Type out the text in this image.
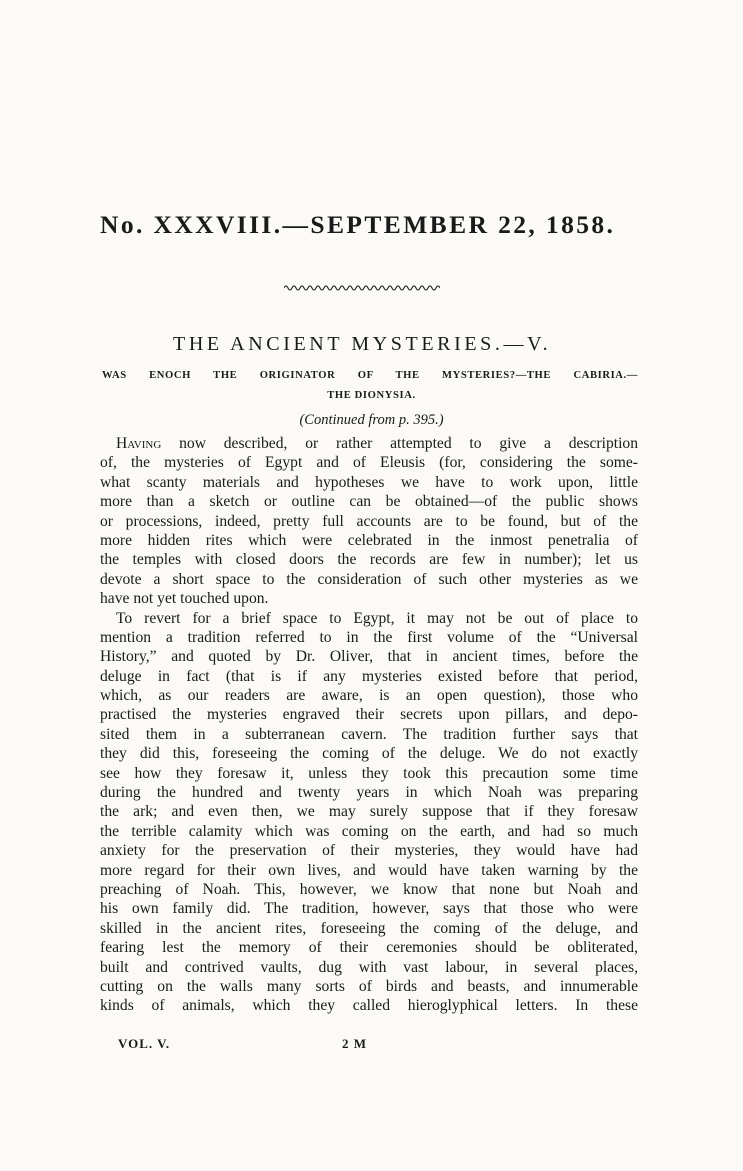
No. XXXVIII.—SEPTEMBER 22, 1858.
THE ANCIENT MYSTERIES.—V.
WAS ENOCH THE ORIGINATOR OF THE MYSTERIES?—THE CABIRIA.—
THE DIONYSIA.
(Continued from p. 395.)
Having now described, or rather attempted to give a description
of, the mysteries of Egypt and of Eleusis (for, considering the some-
what scanty materials and hypotheses we have to work upon, little
more than a sketch or outline can be obtained—of the public shows
or processions, indeed, pretty full accounts are to be found, but of the
more hidden rites which were celebrated in the inmost penetralia of
the temples with closed doors the records are few in number); let us
devote a short space to the consideration of such other mysteries as we
have not yet touched upon.
To revert for a brief space to Egypt, it may not be out of place to
mention a tradition referred to in the first volume of the “Universal
History,” and quoted by Dr. Oliver, that in ancient times, before the
deluge in fact (that is if any mysteries existed before that period,
which, as our readers are aware, is an open question), those who
practised the mysteries engraved their secrets upon pillars, and depo-
sited them in a subterranean cavern. The tradition further says that
they did this, foreseeing the coming of the deluge. We do not exactly
see how they foresaw it, unless they took this precaution some time
during the hundred and twenty years in which Noah was preparing
the ark; and even then, we may surely suppose that if they foresaw
the terrible calamity which was coming on the earth, and had so much
anxiety for the preservation of their mysteries, they would have had
more regard for their own lives, and would have taken warning by the
preaching of Noah. This, however, we know that none but Noah and
his own family did. The tradition, however, says that those who were
skilled in the ancient rites, foreseeing the coming of the deluge, and
fearing lest the memory of their ceremonies should be obliterated,
built and contrived vaults, dug with vast labour, in several places,
cutting on the walls many sorts of birds and beasts, and innumerable
kinds of animals, which they called hieroglyphical letters. In these
VOL. V.	2 M
